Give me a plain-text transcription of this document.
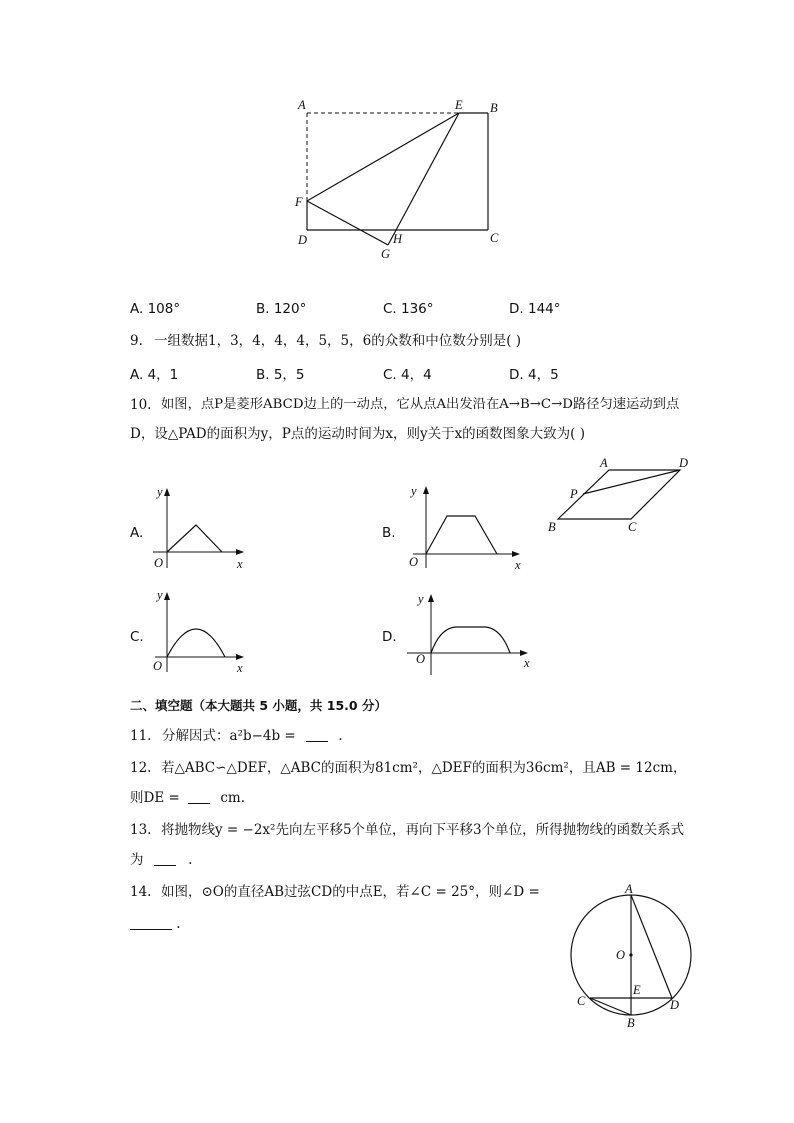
A	E B
F
D	H	C
G
A. 108°	B. 120°	C. 136°	D. 144°
9. 一组数据1，3，4，4，4，5，5，6的众数和中位数分别是( )
A. 4，1	B. 5，5	C. 4，4	D. 4，5
10. 如图，点P是菱形ABCD边上的一动点，它从点A出发沿在A→B→C→D路径匀速运动到点
D，设△PAD的面积为y，P点的运动时间为x，则y关于x的函数图象大致为( )
A	D
P
B	C
A.
y
x
O
B.
y
x
O
C.
y
x
O
D.
y
x
O
二、填空题（本大题共 5 小题，共 15.0 分）
11. 分解因式：a²b−4b =	.
12. 若△ABC∽△DEF，△ABC的面积为81cm²，△DEF的面积为36cm²，且AB = 12cm，
则DE =	cm.
13. 将抛物线y = −2x²先向左平移5个单位，再向下平移3个单位，所得抛物线的函数关系式
为	.
14. 如图，⊙O的直径AB过弦CD的中点E，若∠C = 25°，则∠D =
.
A
O
E
C	D
B
